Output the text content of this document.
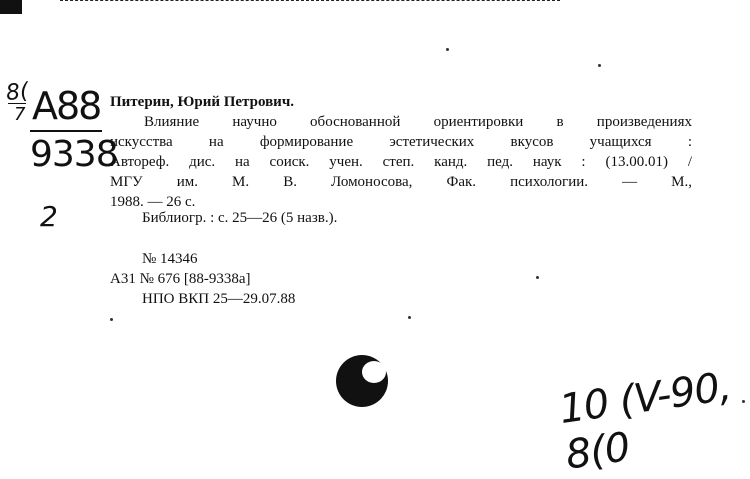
8(
7 A88
9338
2
Питерин, Юрий Петрович.

Влияние научно обоснованной ориентировки в произведениях

искусства на формирование эстетических вкусов учащихся :

Автореф. дис. на соиск. учен. степ. канд. пед. наук : (13.00.01) /

МГУ им. М. В. Ломоносова, Фак. психологии. — М.,

1988. — 26 с.

Библиогр. : с. 25—26 (5 назв.).
№ 14346
А31 № 676 [88-9338а]
НПО ВКП 25—29.07.88
10 (V-90, 8(0
